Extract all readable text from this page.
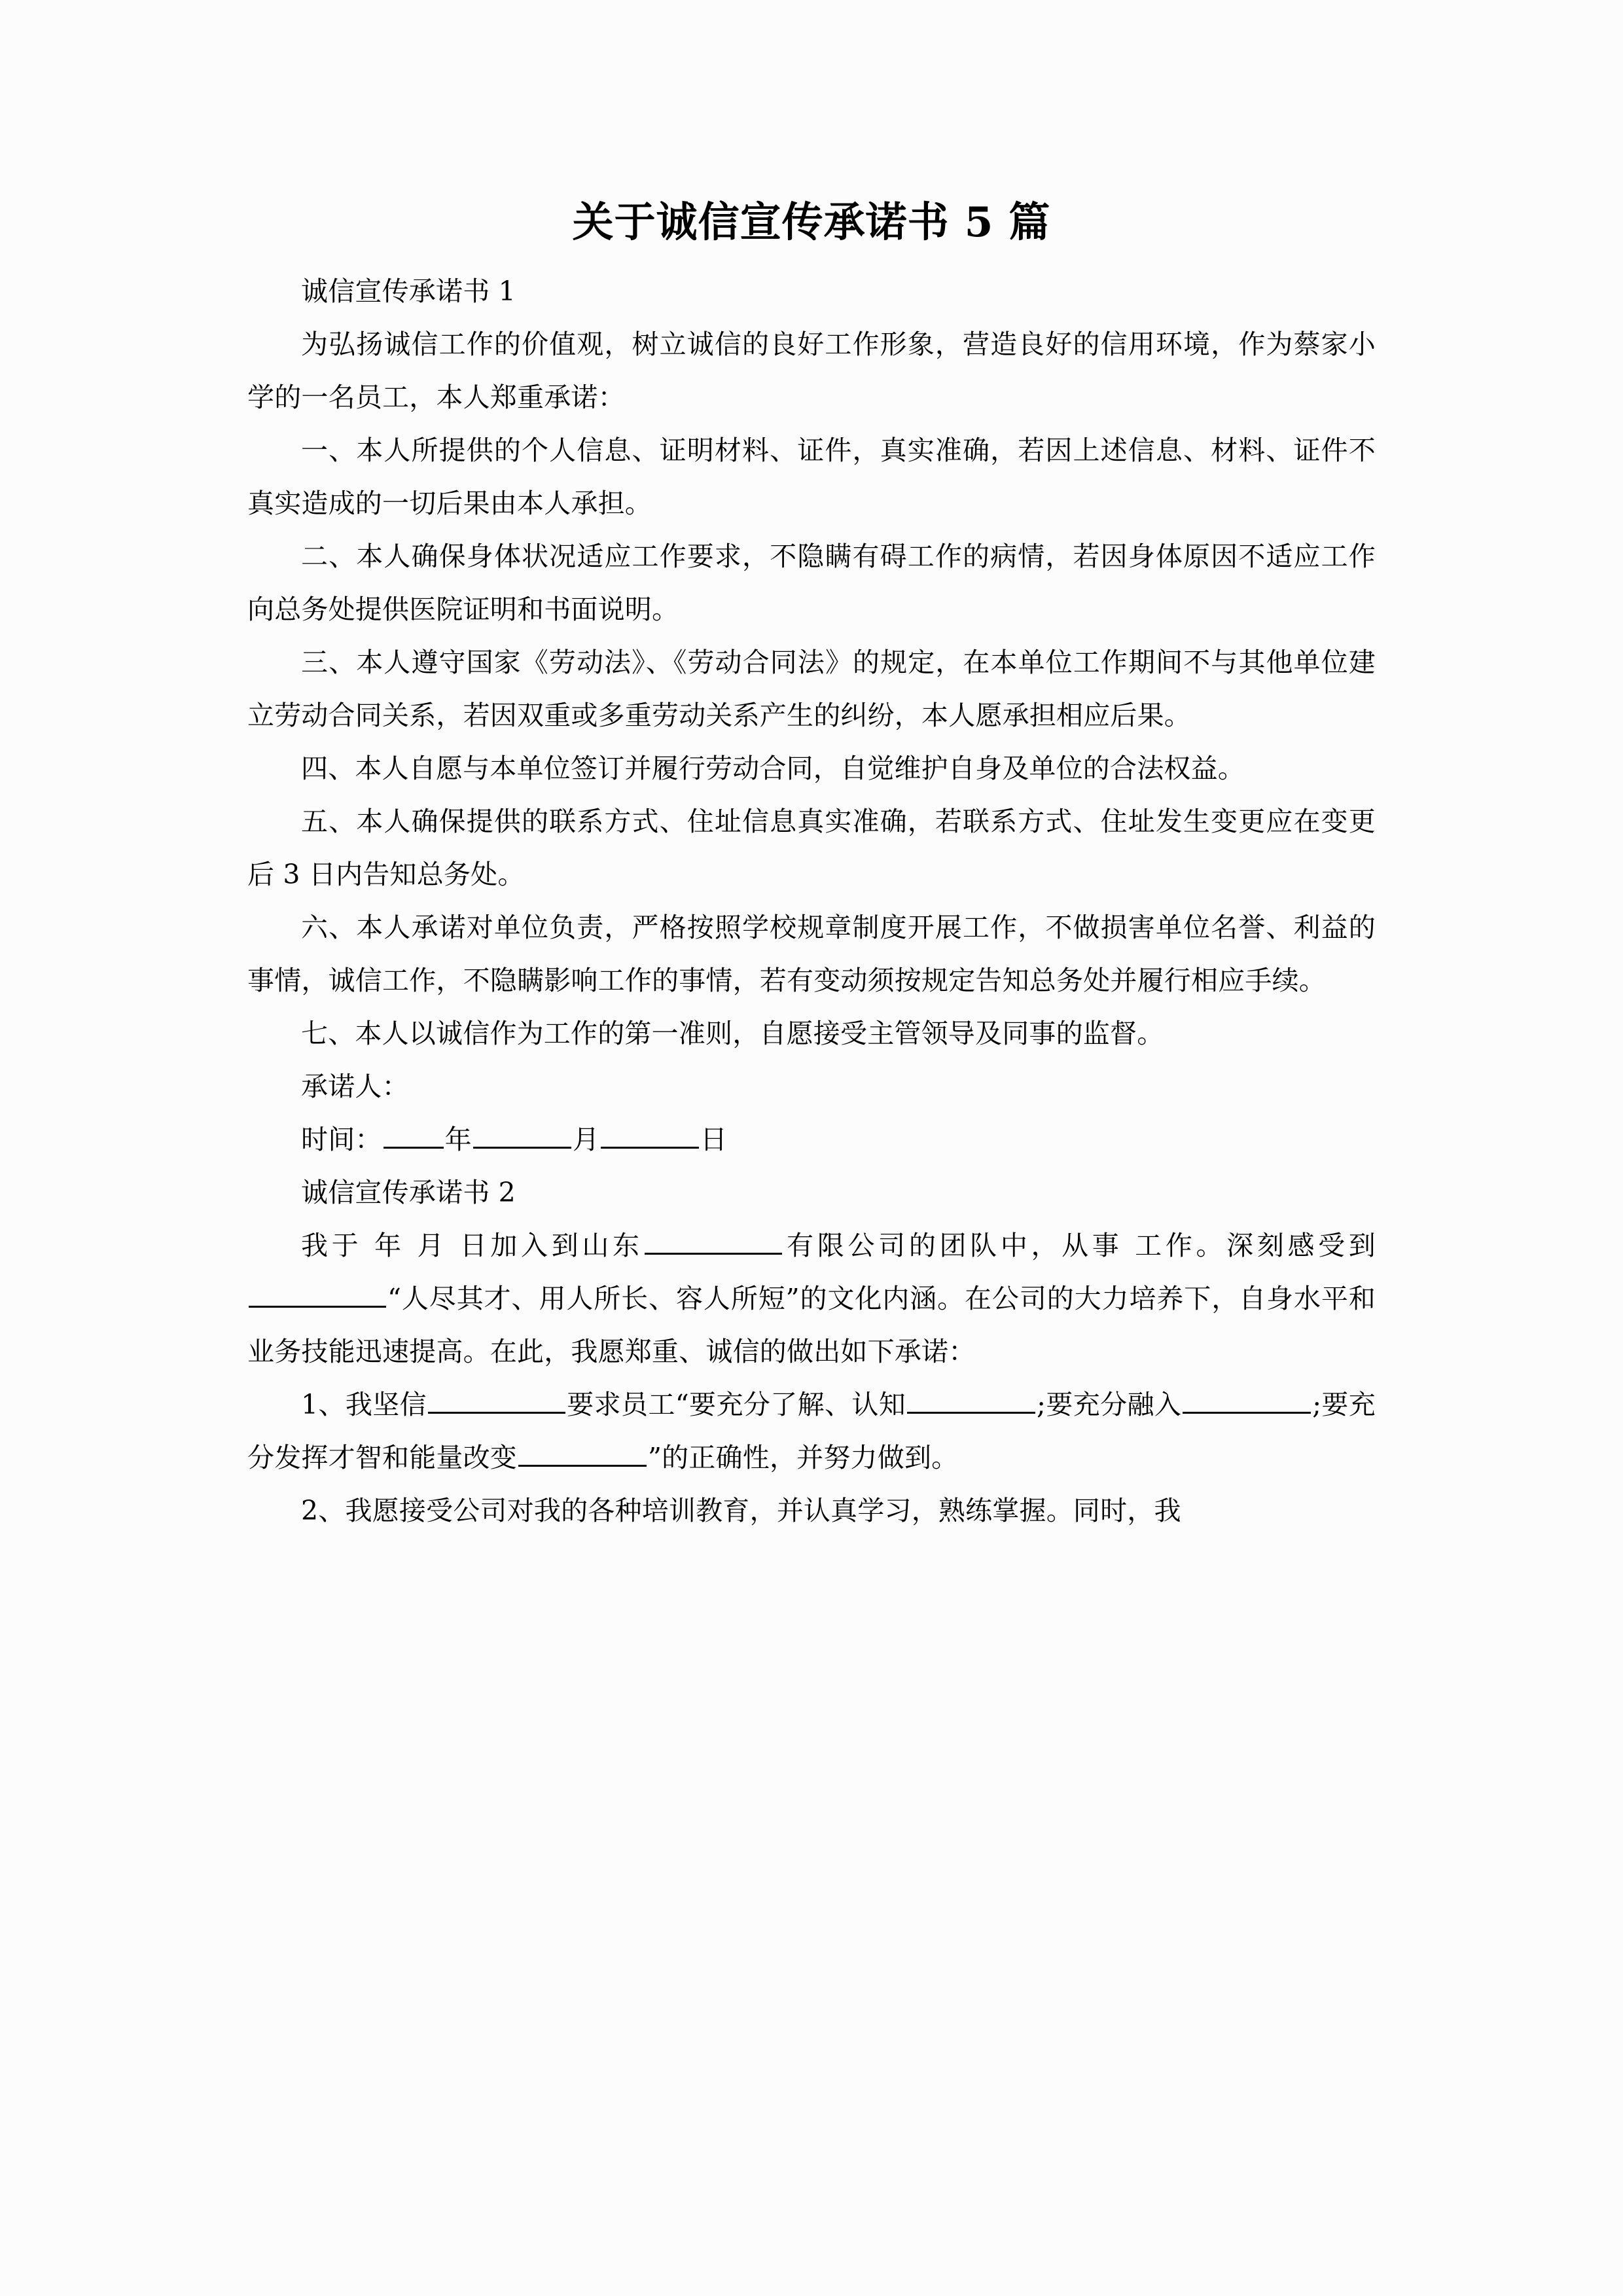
关于诚信宣传承诺书 5 篇

诚信宣传承诺书 1

为弘扬诚信工作的价值观，树立诚信的良好工作形象，营造良好的信用环境，作为蔡家小学的一名员工，本人郑重承诺：

一、本人所提供的个人信息、证明材料、证件，真实准确，若因上述信息、材料、证件不真实造成的一切后果由本人承担。

二、本人确保身体状况适应工作要求，不隐瞒有碍工作的病情，若因身体原因不适应工作向总务处提供医院证明和书面说明。

三、本人遵守国家《劳动法》、《劳动合同法》的规定，在本单位工作期间不与其他单位建立劳动合同关系，若因双重或多重劳动关系产生的纠纷，本人愿承担相应后果。

四、本人自愿与本单位签订并履行劳动合同，自觉维护自身及单位的合法权益。

五、本人确保提供的联系方式、住址信息真实准确，若联系方式、住址发生变更应在变更后 3 日内告知总务处。

六、本人承诺对单位负责，严格按照学校规章制度开展工作，不做损害单位名誉、利益的事情，诚信工作，不隐瞒影响工作的事情，若有变动须按规定告知总务处并履行相应手续。

七、本人以诚信作为工作的第一准则，自愿接受主管领导及同事的监督。

承诺人：

时间： 年	月	日

诚信宣传承诺书 2

我于 年 月 日加入到山东	有限公司的团队中，从事 工作。深刻感受到“人尽其才、用人所长、容人所短”的文化内涵。在公司的大力培养下，自身水平和业务技能迅速提高。在此，我愿郑重、诚信的做出如下承诺：

1、我坚信	要求员工“要充分了解、认知	;要充分融入	;要充分发挥才智和能量改变	”的正确性，并努力做到。

2、我愿接受公司对我的各种培训教育，并认真学习，熟练掌握。同时，我
